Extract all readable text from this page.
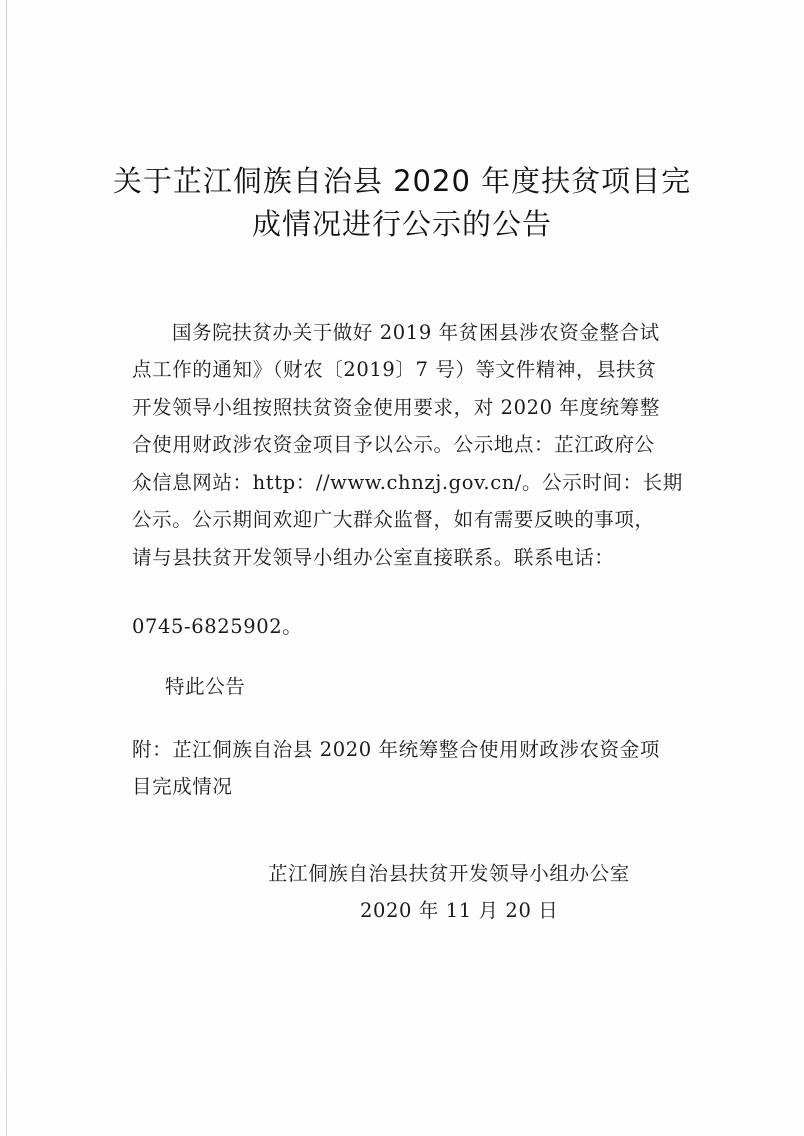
关于芷江侗族自治县 2020 年度扶贫项目完
成情况进行公示的公告
国务院扶贫办关于做好 2019 年贫困县涉农资金整合试
点工作的通知》（财农〔2019〕7 号）等文件精神，县扶贫
开发领导小组按照扶贫资金使用要求，对 2020 年度统筹整
合使用财政涉农资金项目予以公示。公示地点：芷江政府公
众信息网站：http：//www.chnzj.gov.cn/。公示时间：长期
公示。公示期间欢迎广大群众监督，如有需要反映的事项，
请与县扶贫开发领导小组办公室直接联系。联系电话：
0745-6825902。
特此公告
附：芷江侗族自治县 2020 年统筹整合使用财政涉农资金项
目完成情况
芷江侗族自治县扶贫开发领导小组办公室
2020 年 11 月 20 日
